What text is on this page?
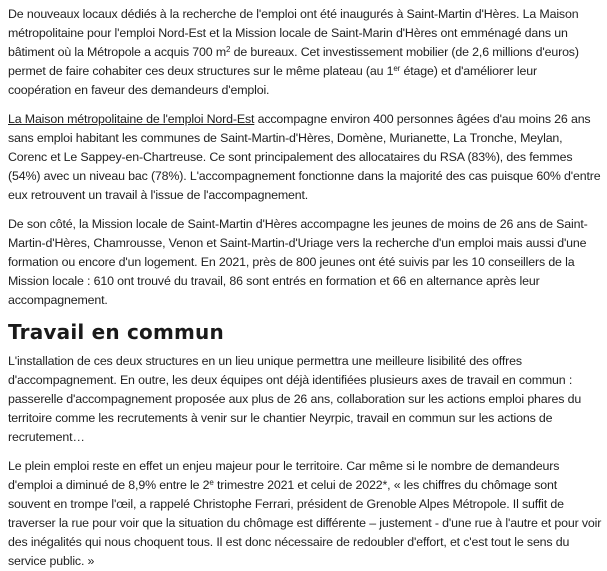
De nouveaux locaux dédiés à la recherche de l'emploi ont été inaugurés à Saint-Martin d'Hères. La Maison métropolitaine pour l'emploi Nord-Est et la Mission locale de Saint-Marin d'Hères ont emménagé dans un bâtiment où la Métropole a acquis 700 $m^2$ de bureaux. Cet investissement mobilier (de 2,6 millions d'euros) permet de faire cohabiter ces deux structures sur le même plateau (au 1er étage) et d'améliorer leur coopération en faveur des demandeurs d'emploi.

La Maison métropolitaine de l'emploi Nord-Est accompagne environ 400 personnes âgées d'au moins 26 ans sans emploi habitant les communes de Saint-Martin-d'Hères, Domène, Murianette, La Tronche, Meylan, Corenc et Le Sappey-en-Chartreuse. Ce sont principalement des allocataires du RSA (83%), des femmes (54%) avec un niveau bac (78%). L'accompagnement fonctionne dans la majorité des cas puisque 60% d'entre eux retrouvent un travail à l'issue de l'accompagnement.

De son côté, la Mission locale de Saint-Martin d'Hères accompagne les jeunes de moins de 26 ans de Saint-Martin-d'Hères, Chamrousse, Venon et Saint-Martin-d'Uriage vers la recherche d'un emploi mais aussi d'une formation ou encore d'un logement. En 2021, près de 800 jeunes ont été suivis par les 10 conseillers de la Mission locale : 610 ont trouvé du travail, 86 sont entrés en formation et 66 en alternance après leur accompagnement.

Travail en commun

L'installation de ces deux structures en un lieu unique permettra une meilleure lisibilité des offres d'accompagnement. En outre, les deux équipes ont déjà identifiées plusieurs axes de travail en commun : passerelle d'accompagnement proposée aux plus de 26 ans, collaboration sur les actions emploi phares du territoire comme les recrutements à venir sur le chantier Neyrpic, travail en commun sur les actions de recrutement…

Le plein emploi reste en effet un enjeu majeur pour le territoire. Car même si le nombre de demandeurs d'emploi a diminué de 8,9% entre le 2e trimestre 2021 et celui de 2022*, « les chiffres du chômage sont souvent en trompe l'œil, a rappelé Christophe Ferrari, président de Grenoble Alpes Métropole. Il suffit de traverser la rue pour voir que la situation du chômage est différente – justement - d'une rue à l'autre et pour voir des inégalités qui nous choquent tous. Il est donc nécessaire de redoubler d'effort, et c'est tout le sens du service public. »
